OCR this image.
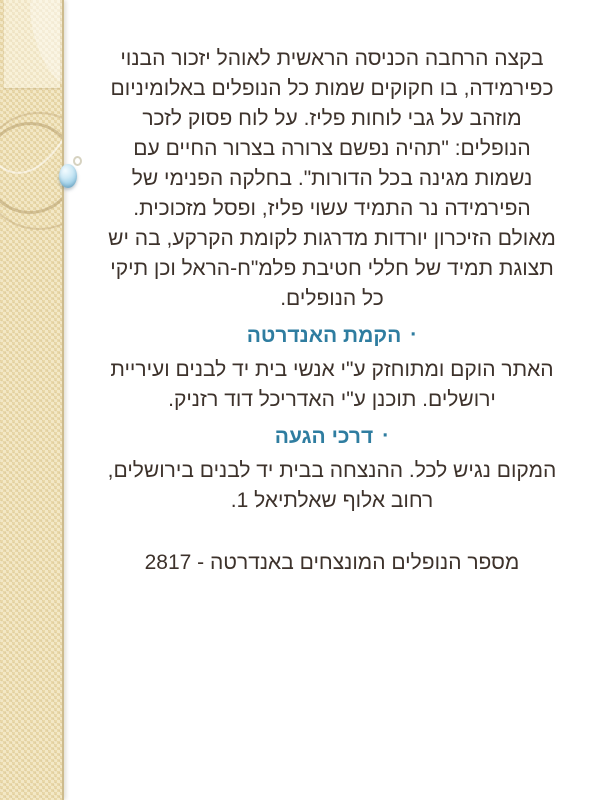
בקצה הרחבה הכניסה הראשית לאוהל יזכור הבנוי
כפירמידה, בו חקוקים שמות כל הנופלים באלומיניום
מוזהב על גבי לוחות פליז. על לוח פסוק לזכר
הנופלים: "תהיה נפשם צרורה בצרור החיים עם
נשמות מגינה בכל הדורות". בחלקה הפנימי של
הפירמידה נר התמיד עשוי פליז, ופסל מזכוכית.
מאולם הזיכרון יורדות מדרגות לקומת הקרקע, בה יש
תצוגת תמיד של חללי חטיבת פלמ"ח-הראל וכן תיקי
כל הנופלים.
·הקמת האנדרטה
האתר הוקם ומתוחזק ע"י אנשי בית יד לבנים ועיריית
ירושלים. תוכנן ע"י האדריכל דוד רזניק.
·דרכי הגעה
המקום נגיש לכל. ההנצחה בבית יד לבנים בירושלים,
רחוב אלוף שאלתיאל 1.
מספר הנופלים המונצחים באנדרטה - 2817
